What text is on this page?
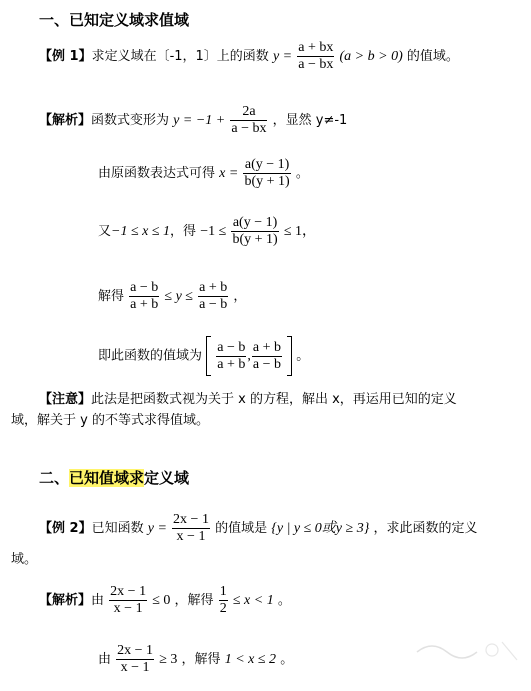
一、已知定义域求值域
【例 1】求定义域在〔-1，1〕上的函数 $y = \frac{a + bx}{a - bx} (a > b > 0)$ 的值域。
【解析】函数式变形为 $y = -1 + \frac{2a}{a - bx}$ ，显然 y≠-1
由原函数表达式可得 $x = \frac{a(y - 1)}{b(y + 1)}$ 。
又−1 ≤ x ≤ 1，得 $-1 \le \frac{a(y - 1)}{b(y + 1)} \le 1$，
解得 $\frac{a - b}{a + b} \le y \le \frac{a + b}{a - b}$ ，
即此函数的值域为 $\frac{a - b}{a + b}$ , $\frac{a + b}{a - b}$ 。
【注意】此法是把函数式视为关于 x 的方程，解出 x，再运用已知的定义
域，解关于 y 的不等式求得值域。
二、已知值域求定义域
【例 2】已知函数 $y = \frac{2x - 1}{x - 1}$ 的值域是 {y | y ≤ 0或y ≥ 3} ，求此函数的定义
域。
【解析】由 $\frac{2x - 1}{x - 1} \le 0$ ，解得 $\frac{1}{2} \le x < 1$ 。
由 $\frac{2x - 1}{x - 1} \ge 3$ ，解得 1 < x ≤ 2 。
